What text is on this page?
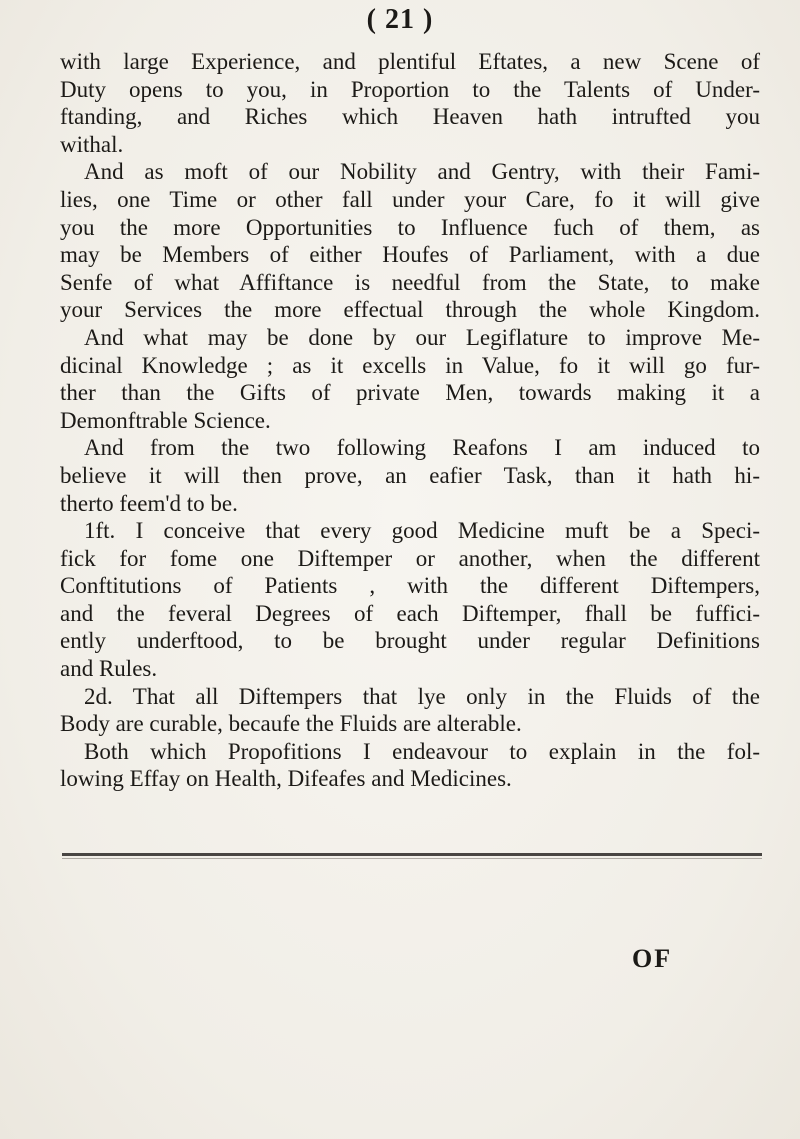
( 21 )
with large Experience, and plentiful Eftates, a new Scene of
Duty opens to you, in Proportion to the Talents of Under-
ftanding, and Riches which Heaven hath intrufted you
withal.
And as moft of our Nobility and Gentry, with their Fami-
lies, one Time or other fall under your Care, fo it will give
you the more Opportunities to Influence fuch of them, as
may be Members of either Houfes of Parliament, with a due
Senfe of what Affiftance is needful from the State, to make
your Services the more effectual through the whole Kingdom.
And what may be done by our Legiflature to improve Me-
dicinal Knowledge ; as it excells in Value, fo it will go fur-
ther than the Gifts of private Men, towards making it a
Demonftrable Science.
And from the two following Reafons I am induced to
believe it will then prove, an eafier Task, than it hath hi-
therto feem'd to be.
1ft. I conceive that every good Medicine muft be a Speci-
fick for fome one Diftemper or another, when the different
Conftitutions of Patients , with the different Diftempers,
and the feveral Degrees of each Diftemper, fhall be fuffici-
ently underftood, to be brought under regular Definitions
and Rules.
2d. That all Diftempers that lye only in the Fluids of the
Body are curable, becaufe the Fluids are alterable.
Both which Propofitions I endeavour to explain in the fol-
lowing Effay on Health, Difeafes and Medicines.
OF
